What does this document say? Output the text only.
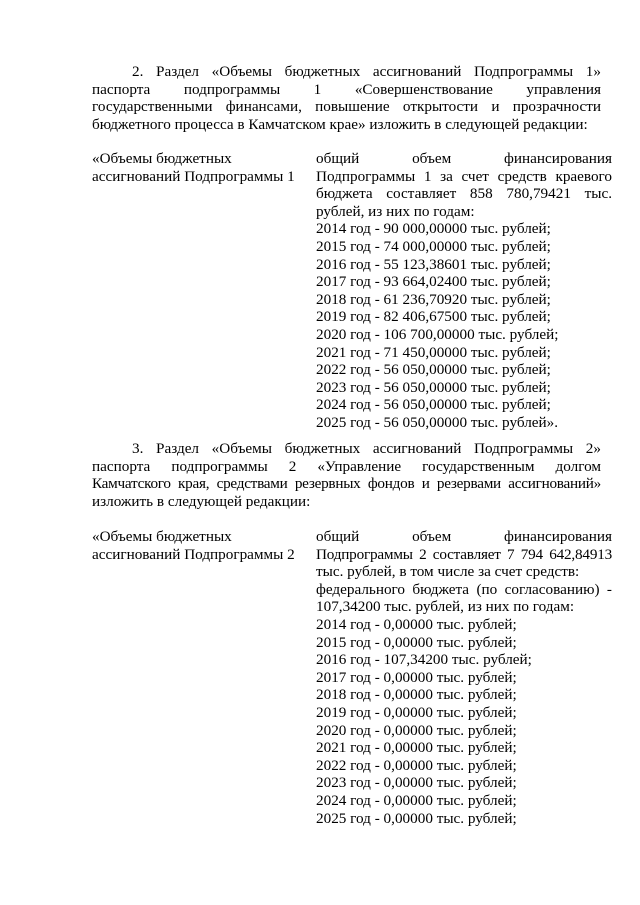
2. Раздел «Объемы бюджетных ассигнований Подпрограммы 1»
паспорта подпрограммы 1 «Совершенствование управления
государственными финансами, повышение открытости и прозрачности
бюджетного процесса в Камчатском крае» изложить в следующей редакции:
«Объемы бюджетных
ассигнований Подпрограммы 1
общий объем финансирования
Подпрограммы 1 за счет средств краевого
бюджета составляет 858 780,79421 тыс.
рублей, из них по годам:
2014 год - 90 000,00000 тыс. рублей;
2015 год - 74 000,00000 тыс. рублей;
2016 год - 55 123,38601 тыс. рублей;
2017 год - 93 664,02400 тыс. рублей;
2018 год - 61 236,70920 тыс. рублей;
2019 год - 82 406,67500 тыс. рублей;
2020 год - 106 700,00000 тыс. рублей;
2021 год - 71 450,00000 тыс. рублей;
2022 год - 56 050,00000 тыс. рублей;
2023 год - 56 050,00000 тыс. рублей;
2024 год - 56 050,00000 тыс. рублей;
2025 год - 56 050,00000 тыс. рублей».
3. Раздел «Объемы бюджетных ассигнований Подпрограммы 2»
паспорта подпрограммы 2 «Управление государственным долгом
Камчатского края, средствами резервных фондов и резервами ассигнований»
изложить в следующей редакции:
«Объемы бюджетных
ассигнований Подпрограммы 2
общий объем финансирования
Подпрограммы 2 составляет 7 794 642,84913
тыс. рублей, в том числе за счет средств:
федерального бюджета (по согласованию) -
107,34200 тыс. рублей, из них по годам:
2014 год - 0,00000 тыс. рублей;
2015 год - 0,00000 тыс. рублей;
2016 год - 107,34200 тыс. рублей;
2017 год - 0,00000 тыс. рублей;
2018 год - 0,00000 тыс. рублей;
2019 год - 0,00000 тыс. рублей;
2020 год - 0,00000 тыс. рублей;
2021 год - 0,00000 тыс. рублей;
2022 год - 0,00000 тыс. рублей;
2023 год - 0,00000 тыс. рублей;
2024 год - 0,00000 тыс. рублей;
2025 год - 0,00000 тыс. рублей;
